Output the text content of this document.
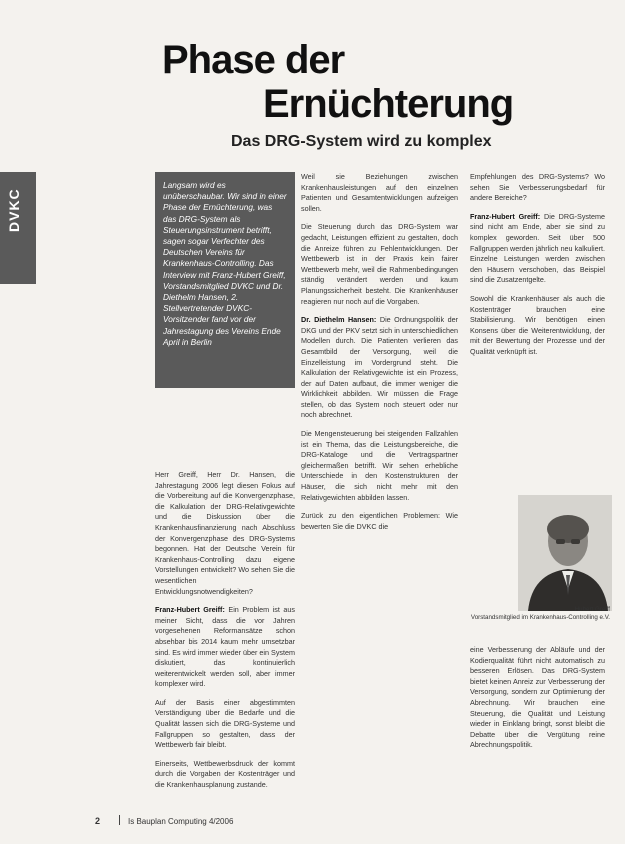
Phase der
Ernüchterung
Das DRG-System wird zu komplex
DVKC
Langsam wird es unüberschaubar. Wir sind in einer Phase der Ernüchterung, was das DRG-System als Steuerungsinstrument betrifft, sagen sogar Verfechter des Deutschen Vereins für Krankenhaus-Controlling. Das Interview mit Franz-Hubert Greiff, Vorstandsmitglied DVKC und Dr. Diethelm Hansen, 2. Stellvertretender DVKC-Vorsitzender fand vor der Jahrestagung des Vereins Ende April in Berlin

Herr Greiff, Herr Dr. Hansen, die Jahrestagung 2006 legt diesen Fokus auf die Vorbereitung auf die Konvergenzphase, die Kalkulation der DRG-Relativgewichte und die Diskussion über die Krankenhausfinanzierung nach Abschluss der Konvergenzphase des DRG-Systems begonnen. Hat der Deutsche Verein für Krankenhaus-Controlling dazu eigene Vorstellungen entwickelt? Wo sehen Sie die wesentlichen Entwicklungsnotwendigkeiten?

Franz-Hubert Greiff: Ein Problem ist aus meiner Sicht, dass die vor Jahren vorgesehenen Reformansätze schon absehbar bis 2014 kaum mehr umsetzbar sind. Es wird immer wieder über ein System diskutiert, das kontinuierlich weiterentwickelt werden soll, aber immer komplexer wird.

Auf der Basis einer abgestimmten Verständigung über die Bedarfe und die Qualität lassen sich die DRG-Systeme und Fallgruppen so gestalten, dass der Wettbewerb fair bleibt.

Einerseits, Wettbewerbsdruck der kommt durch die Vorgaben der Kostenträger und die Krankenhausplanung zustande.

Weil sie Beziehungen zwischen Krankenhausleistungen auf den einzelnen Patienten und Gesamtentwicklungen aufzeigen sollen.

Die Steuerung durch das DRG-System war gedacht, Leistungen effizient zu gestalten, doch die Anreize führen zu Fehlentwicklungen. Der Wettbewerb ist in der Praxis kein fairer Wettbewerb mehr, weil die Rahmenbedingungen ständig verändert werden und kaum Planungssicherheit besteht. Die Krankenhäuser reagieren nur noch auf die Vorgaben.

Dr. Diethelm Hansen: Die Ordnungspolitik der DKG und der PKV setzt sich in unterschiedlichen Modellen durch. Die Patienten verlieren das Gesamtbild der Versorgung, weil die Einzelleistung im Vordergrund steht. Die Kalkulation der Relativgewichte ist ein Prozess, der auf Daten aufbaut, die immer weniger die Wirklichkeit abbilden. Wir müssen die Frage stellen, ob das System noch steuert oder nur noch abrechnet.

Die Mengensteuerung bei steigenden Fallzahlen ist ein Thema, das die Leistungsbereiche, die DRG-Kataloge und die Vertragspartner gleichermaßen betrifft. Wir sehen erhebliche Unterschiede in den Kostenstrukturen der Häuser, die sich nicht mehr mit den Relativgewichten abbilden lassen.

Zurück zu den eigentlichen Problemen: Wie bewerten Sie die DVKC die

Empfehlungen des DRG-Systems? Wo sehen Sie Verbesserungsbedarf für andere Bereiche?

Franz-Hubert Greiff: Die DRG-Systeme sind nicht am Ende, aber sie sind zu komplex geworden. Seit über 500 Fallgruppen werden jährlich neu kalkuliert. Einzelne Leistungen werden zwischen den Häusern verschoben, das Beispiel sind die Zusatzentgelte.

Sowohl die Krankenhäuser als auch die Kostenträger brauchen eine Stabilisierung. Wir benötigen einen Konsens über die Weiterentwicklung, der mit der Bewertung der Prozesse und der Qualität verknüpft ist.

Hubert Greiff
Vorstandsmitglied im Krankenhaus-Controlling e.V.

eine Verbesserung der Abläufe und der Kodierqualität führt nicht automatisch zu besseren Erlösen. Das DRG-System bietet keinen Anreiz zur Verbesserung der Versorgung, sondern zur Optimierung der Abrechnung. Wir brauchen eine Steuerung, die Qualität und Leistung wieder in Einklang bringt, sonst bleibt die Debatte über die Vergütung reine Abrechnungspolitik.

2	Is Bauplan Computing 4/2006
